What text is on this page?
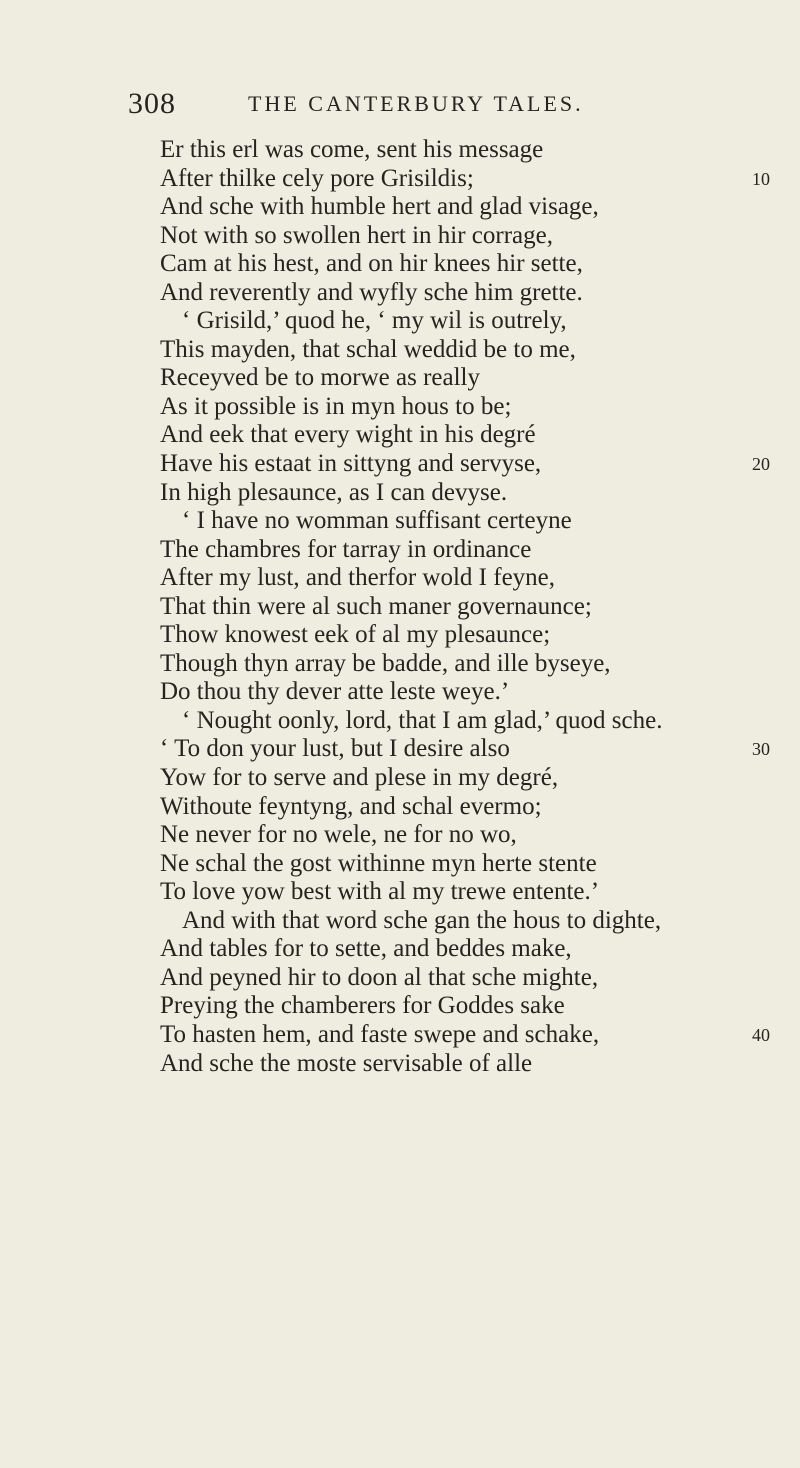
308	THE CANTERBURY TALES.
Er this erl was come, sent his message
After thilke cely pore Grisildis;	10
And sche with humble hert and glad visage,
Not with so swollen hert in hir corrage,
Cam at his hest, and on hir knees hir sette,
And reverently and wyfly sche him grette.
‘ Grisild,’ quod he, ‘ my wil is outrely,
This mayden, that schal weddid be to me,
Receyved be to morwe as really
As it possible is in myn hous to be;
And eek that every wight in his degré
Have his estaat in sittyng and servyse,	20
In high plesaunce, as I can devyse.
‘ I have no womman suffisant certeyne
The chambres for tarray in ordinance
After my lust, and therfor wold I feyne,
That thin were al such maner governaunce;
Thow knowest eek of al my plesaunce;
Though thyn array be badde, and ille byseye,
Do thou thy dever atte leste weye.’
‘ Nought oonly, lord, that I am glad,’ quod sche.
‘ To don your lust, but I desire also	30
Yow for to serve and plese in my degré,
Withoute feyntyng, and schal evermo;
Ne never for no wele, ne for no wo,
Ne schal the gost withinne myn herte stente
To love yow best with al my trewe entente.’
And with that word sche gan the hous to dighte,
And tables for to sette, and beddes make,
And peyned hir to doon al that sche mighte,
Preying the chamberers for Goddes sake
To hasten hem, and faste swepe and schake,	40
And sche the moste servisable of alle
